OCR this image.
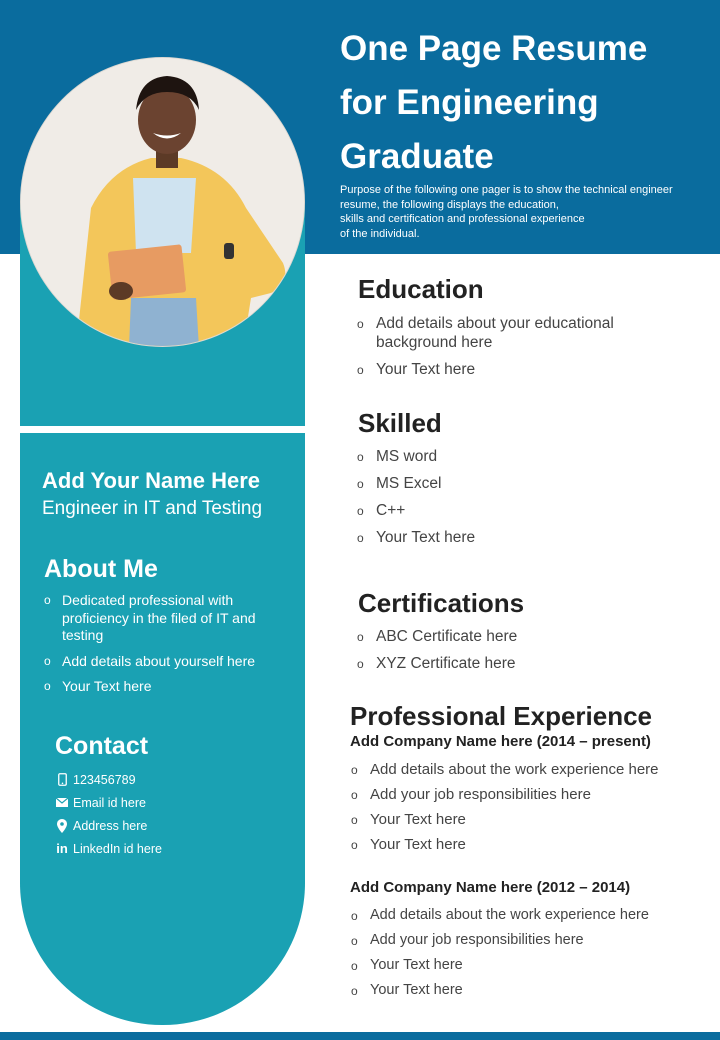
One Page Resume
for Engineering
Graduate
Purpose of the following one pager is to show the technical engineer
resume, the following displays the education,
skills and certification and professional experience
of the individual.
Add Your Name Here
Engineer in IT and Testing
About Me
o Dedicated professional with proficiency in the filed of IT and testing
o Add details about yourself here
o Your Text here
Contact
123456789
Email id here
Address here
in LinkedIn id here
Education
o Add details about your educational background here
o Your Text here
Skilled
o MS word
o MS Excel
o C++
o Your Text here
Certifications
o ABC Certificate here
o XYZ Certificate here
Professional Experience
Add Company Name here (2014 – present)
o Add details about the work experience here
o Add your job responsibilities here
o Your Text here
o Your Text here
Add Company Name here (2012 – 2014)
o Add details about the work experience here
o Add your job responsibilities here
o Your Text here
o Your Text here
